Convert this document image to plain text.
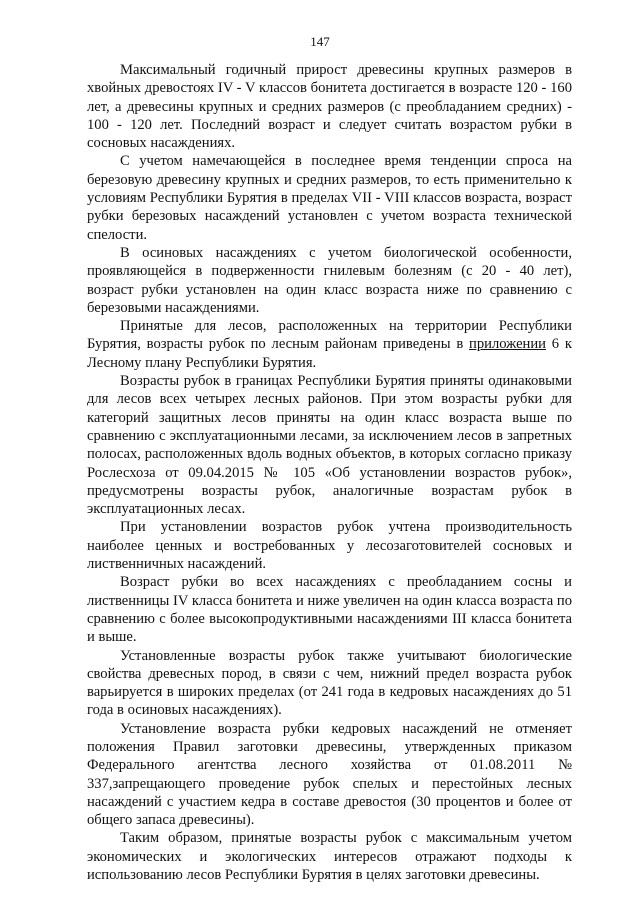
147

Максимальный годичный прирост древесины крупных размеров в хвойных древостоях IV - V классов бонитета достигается в возрасте 120 - 160 лет, а древесины крупных и средних размеров (с преобладанием средних) - 100 - 120 лет. Последний возраст и следует считать возрастом рубки в сосновых насаждениях.

С учетом намечающейся в последнее время тенденции спроса на березовую древесину крупных и средних размеров, то есть применительно к условиям Республики Бурятия в пределах VII - VIII классов возраста, возраст рубки березовых насаждений установлен с учетом возраста технической спелости.

В осиновых насаждениях с учетом биологической особенности, проявляющейся в подверженности гнилевым болезням (с 20 - 40 лет), возраст рубки установлен на один класс возраста ниже по сравнению с березовыми насаждениями.

Принятые для лесов, расположенных на территории Республики Бурятия, возрасты рубок по лесным районам приведены в приложении 6 к Лесному плану Республики Бурятия.

Возрасты рубок в границах Республики Бурятия приняты одинаковыми для лесов всех четырех лесных районов. При этом возрасты рубки для категорий защитных лесов приняты на один класс возраста выше по сравнению с эксплуатационными лесами, за исключением лесов в запретных полосах, расположенных вдоль водных объектов, в которых согласно приказу Рослесхоза от 09.04.2015 № 105 «Об установлении возрастов рубок», предусмотрены возрасты рубок, аналогичные возрастам рубок в эксплуатационных лесах.

При установлении возрастов рубок учтена производительность наиболее ценных и востребованных у лесозаготовителей сосновых и лиственничных насаждений.

Возраст рубки во всех насаждениях с преобладанием сосны и лиственницы IV класса бонитета и ниже увеличен на один класса возраста по сравнению с более высокопродуктивными насаждениями III класса бонитета и выше.

Установленные возрасты рубок также учитывают биологические свойства древесных пород, в связи с чем, нижний предел возраста рубок варьируется в широких пределах (от 241 года в кедровых насаждениях до 51 года в осиновых насаждениях).

Установление возраста рубки кедровых насаждений не отменяет положения Правил заготовки древесины, утвержденных приказом Федерального агентства лесного хозяйства от 01.08.2011 № 337,запрещающего проведение рубок спелых и перестойных лесных насаждений с участием кедра в составе древостоя (30 процентов и более от общего запаса древесины).

Таким образом, принятые возрасты рубок с максимальным учетом экономических и экологических интересов отражают подходы к использованию лесов Республики Бурятия в целях заготовки древесины.
